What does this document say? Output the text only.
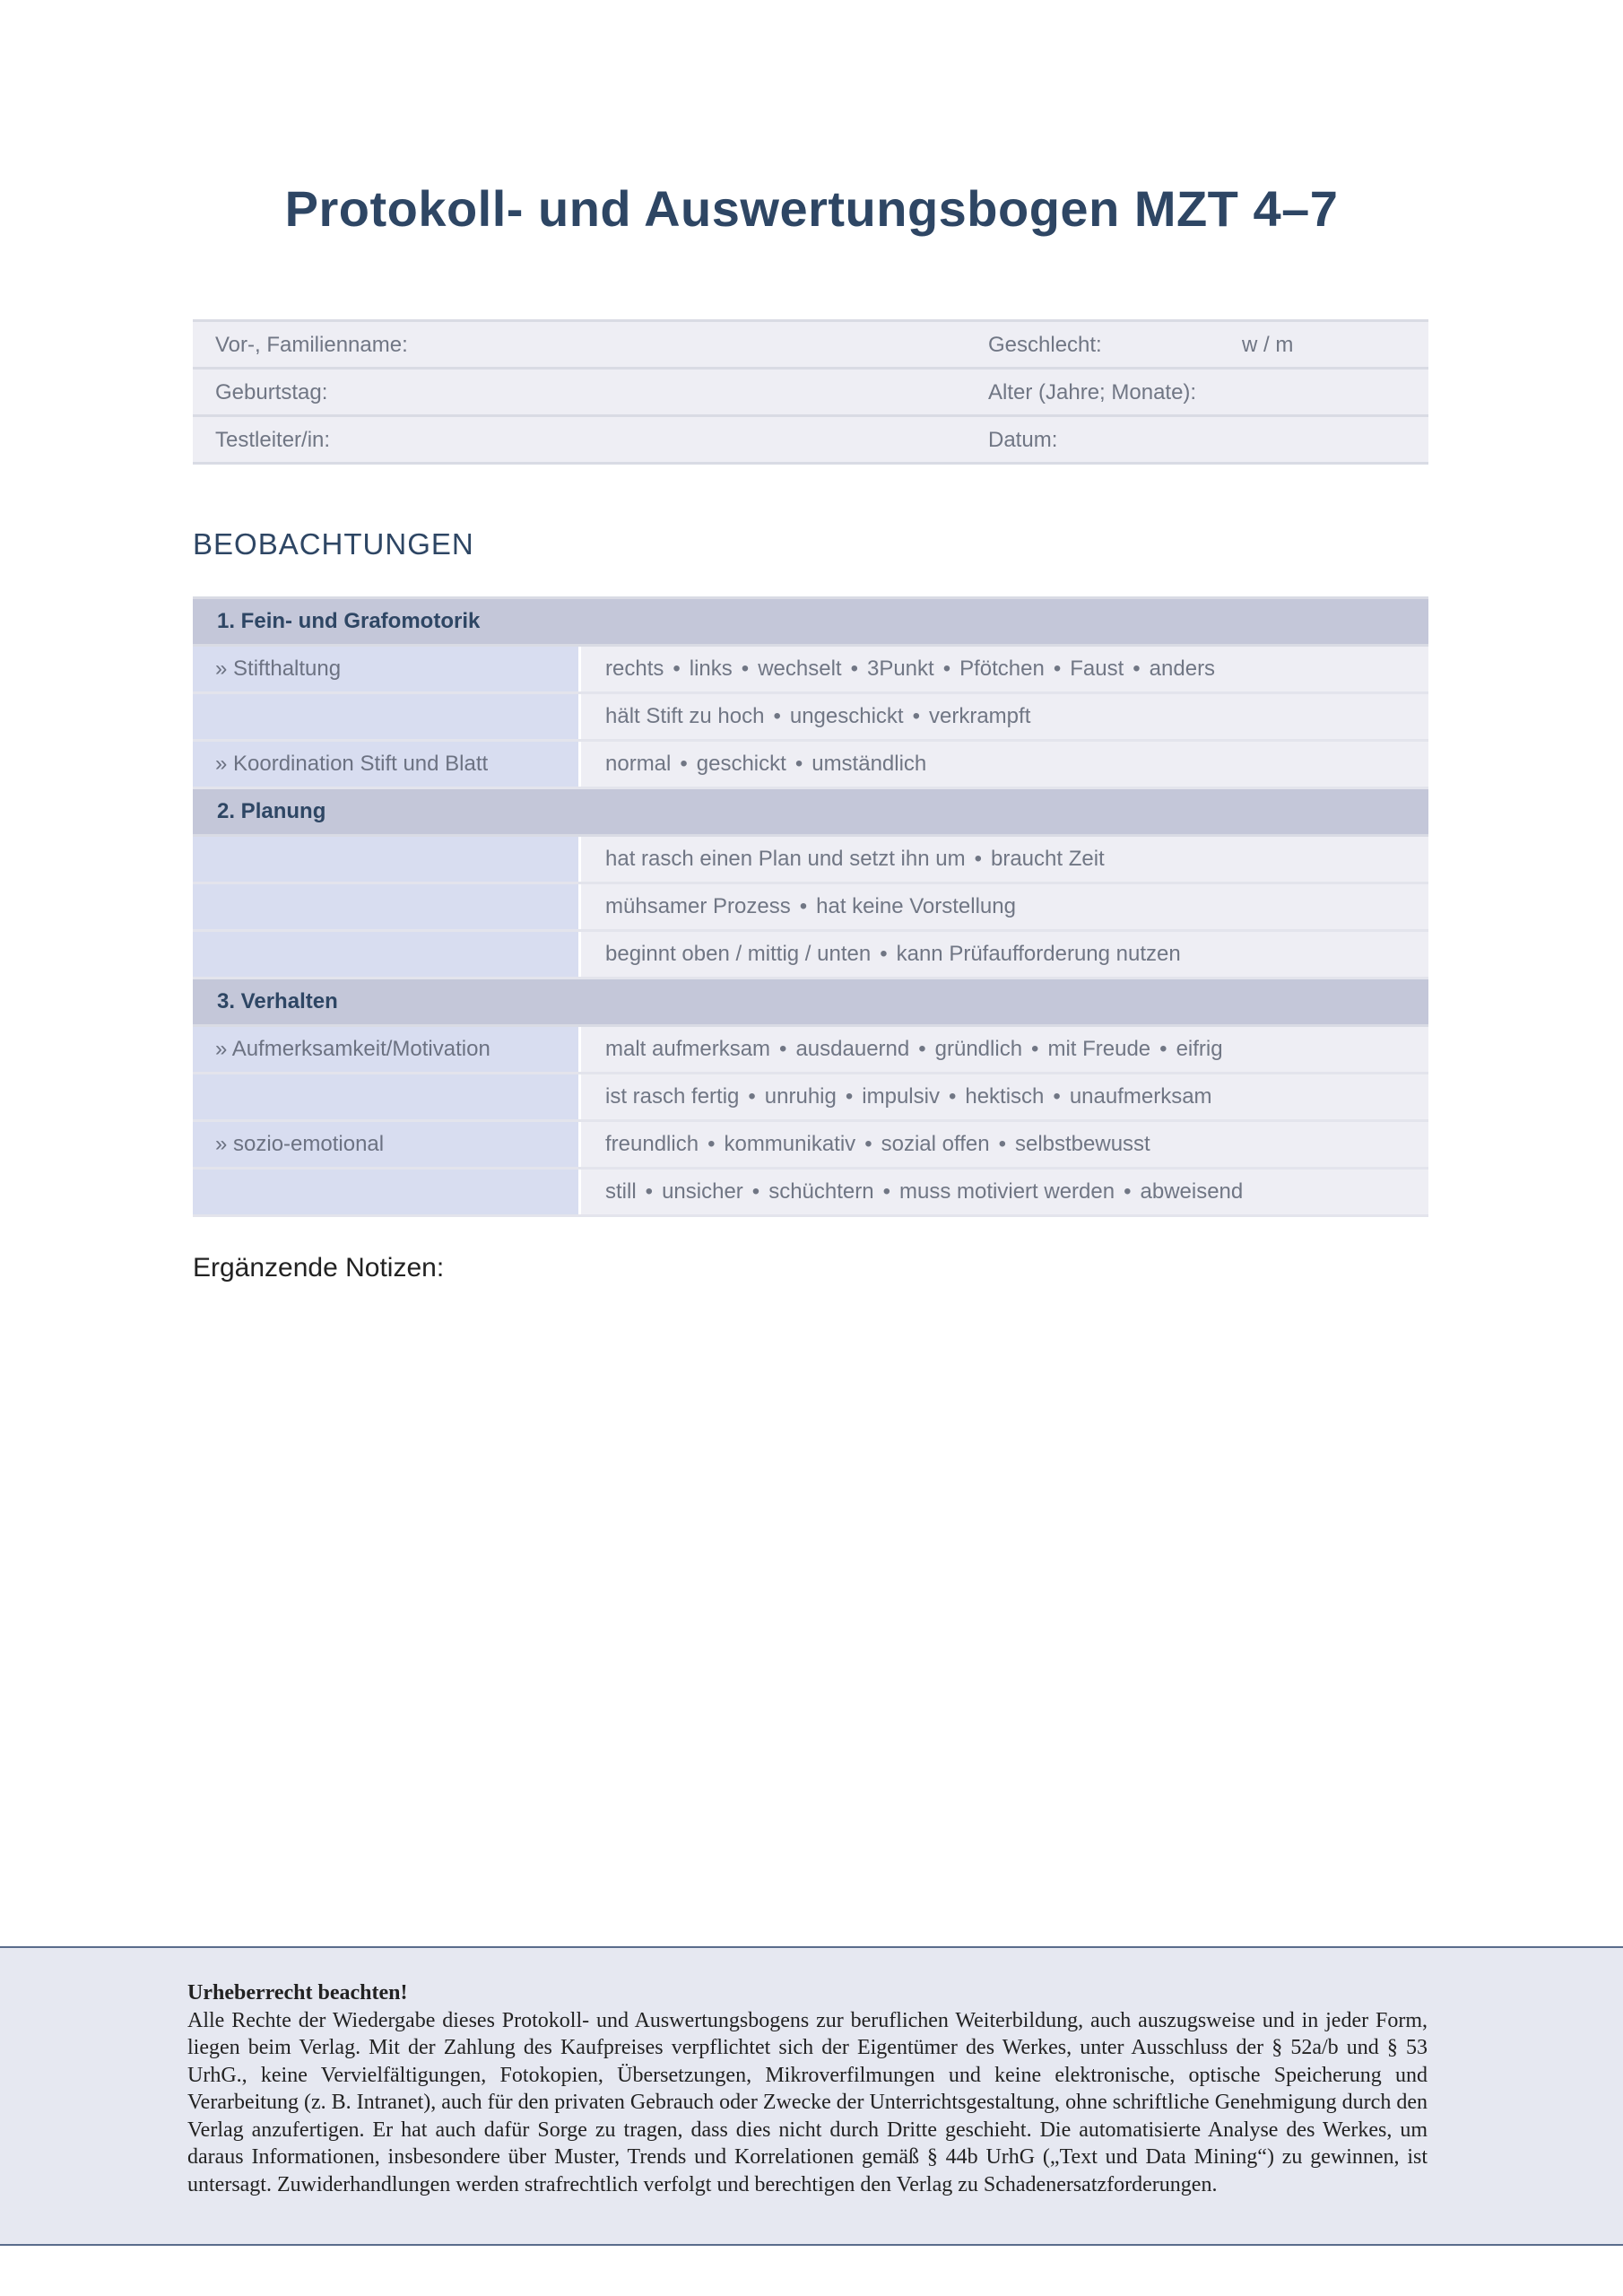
Protokoll- und Auswertungsbogen MZT 4–7
Vor-, Familienname:	Geschlecht:	w / m
Geburtstag:	Alter (Jahre; Monate):
Testleiter/in:	Datum:
BEOBACHTUNGEN
1. Fein- und Grafomotorik
» Stifthaltung	rechts • links • wechselt • 3Punkt • Pfötchen • Faust • anders
hält Stift zu hoch • ungeschickt • verkrampft
» Koordination Stift und Blatt	normal • geschickt • umständlich
2. Planung
hat rasch einen Plan und setzt ihn um • braucht Zeit
mühsamer Prozess • hat keine Vorstellung
beginnt oben / mittig / unten • kann Prüfaufforderung nutzen
3. Verhalten
» Aufmerksamkeit/Motivation	malt aufmerksam • ausdauernd • gründlich • mit Freude • eifrig
ist rasch fertig • unruhig • impulsiv • hektisch • unaufmerksam
» sozio-emotional	freundlich • kommunikativ • sozial offen • selbstbewusst
still • unsicher • schüchtern • muss motiviert werden • abweisend
Ergänzende Notizen:
Urheberrecht beachten!
Alle Rechte der Wiedergabe dieses Protokoll- und Auswertungsbogens zur beruflichen Weiterbildung, auch auszugsweise und in jeder Form, liegen beim Verlag. Mit der Zahlung des Kaufpreises verpflichtet sich der Eigentümer des Werkes, unter Ausschluss der § 52a/b und § 53 UrhG., keine Vervielfältigungen, Fotokopien, Übersetzungen, Mikroverfilmungen und keine elektronische, optische Speicherung und Verarbeitung (z. B. Intranet), auch für den privaten Gebrauch oder Zwecke der Unterrichtsgestaltung, ohne schriftliche Genehmigung durch den Verlag anzufertigen. Er hat auch dafür Sorge zu tragen, dass dies nicht durch Dritte geschieht. Die automatisierte Analyse des Werkes, um daraus Informationen, insbesondere über Muster, Trends und Korrelationen gemäß § 44b UrhG („Text und Data Mining“) zu gewinnen, ist untersagt. Zuwiderhandlungen werden strafrechtlich verfolgt und berechtigen den Verlag zu Schadenersatzforderungen.
